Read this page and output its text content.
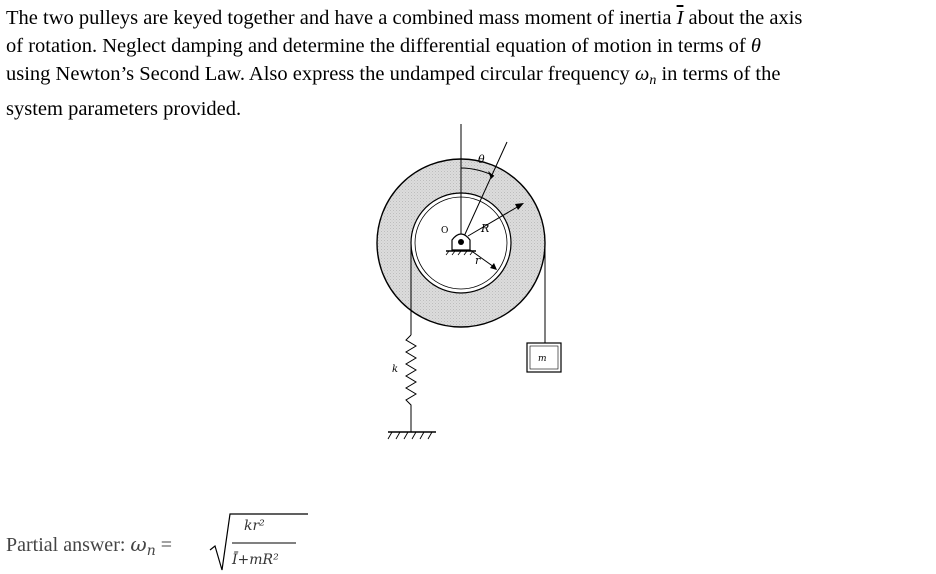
The two pulleys are keyed together and have a combined mass moment of inertia $\overline{I}$ about the axis
of rotation. Neglect damping and determine the differential equation of motion in terms of θ
using Newton’s Second Law. Also express the undamped circular frequency $\omega_n$ in terms of the
system parameters provided.
θ
R
r
O
k
m
Partial answer: $\omega_n$ =
kr²
Ī+mR²
